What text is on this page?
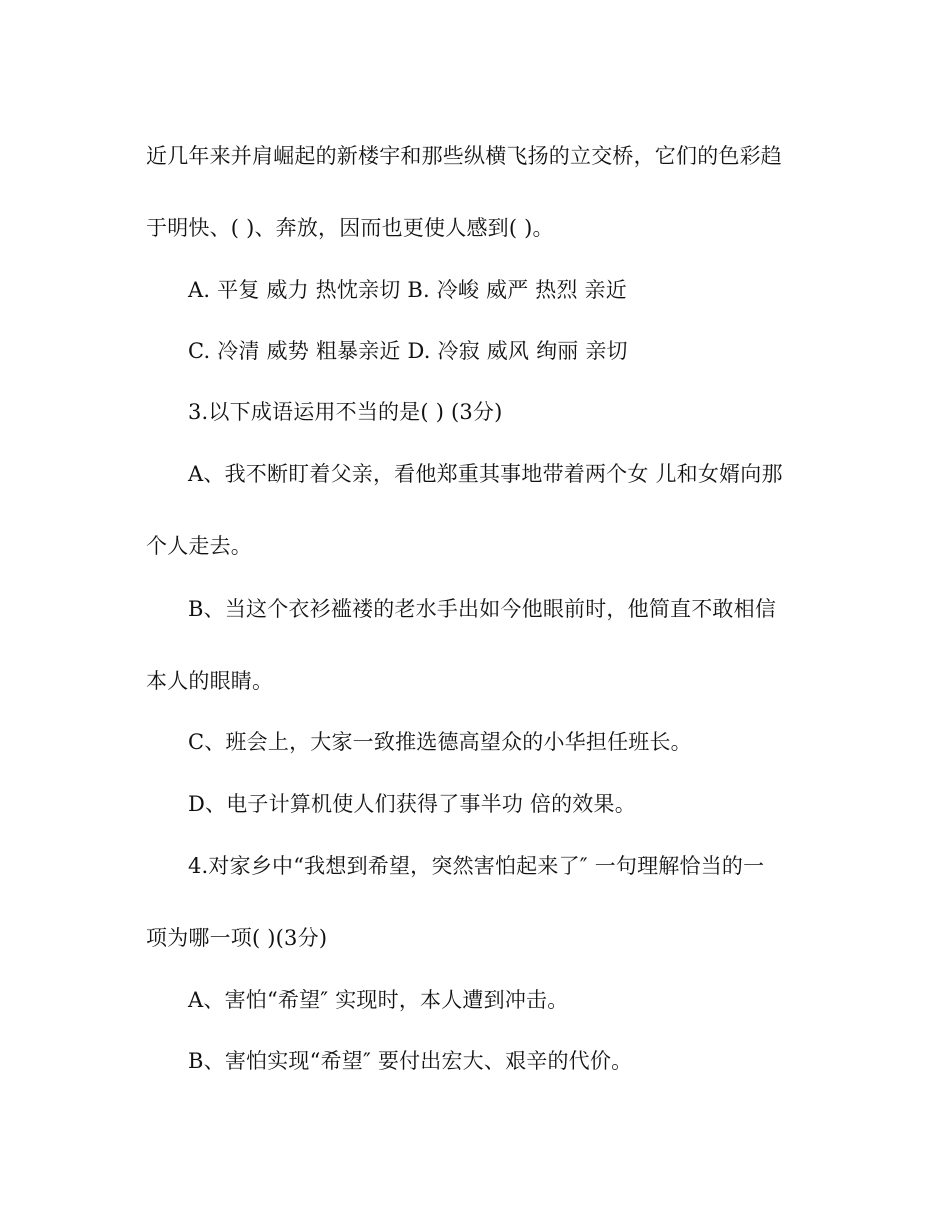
近几年来并肩崛起的新楼宇和那些纵横飞扬的立交桥，它们的色彩趋
于明快、( )、奔放，因而也更使人感到( )。
A. 平复 威力 热忱亲切 B. 冷峻 威严 热烈 亲近
C. 冷清 威势 粗暴亲近 D. 冷寂 威风 绚丽 亲切
3.以下成语运用不当的是( ) (3分)
A、我不断盯着父亲，看他郑重其事地带着两个女 儿和女婿向那
个人走去。
B、当这个衣衫褴褛的老水手出如今他眼前时，他简直不敢相信
本人的眼睛。
C、班会上，大家一致推选德高望众的小华担任班长。
D、电子计算机使人们获得了事半功 倍的效果。
4.对家乡中“我想到希望，突然害怕起来了″ 一句理解恰当的一
项为哪一项( )(3分)
A、害怕“希望″ 实现时，本人遭到冲击。
B、害怕实现“希望″ 要付出宏大、艰辛的代价。
